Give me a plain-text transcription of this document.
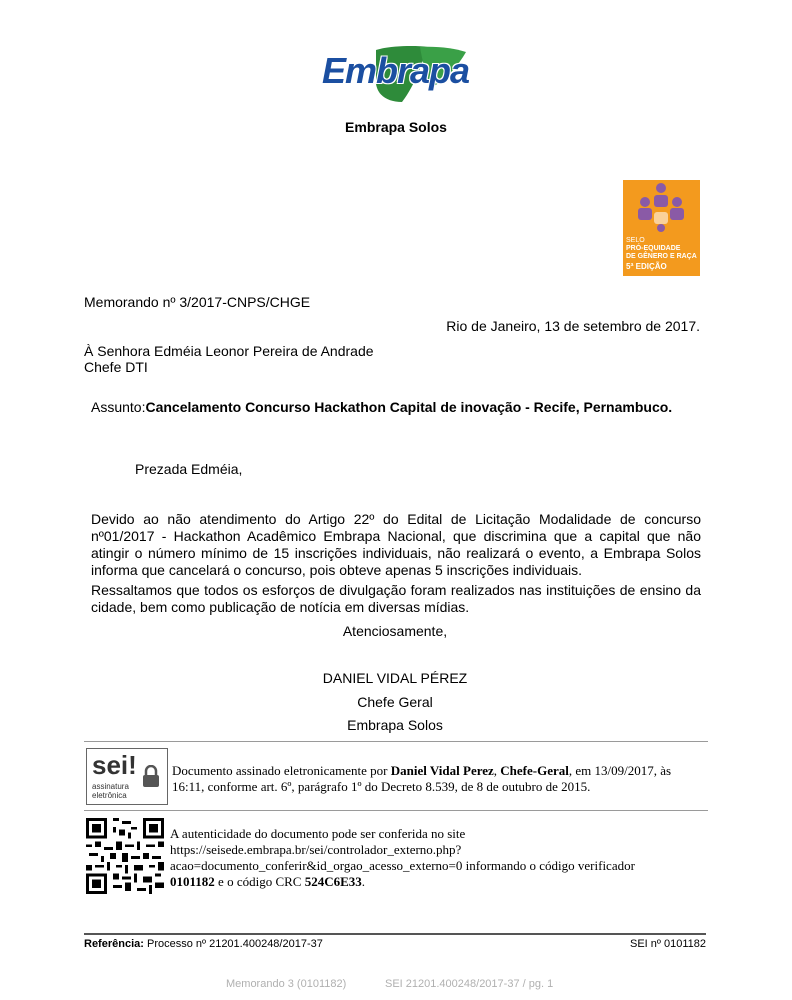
Embrapa
Embrapa Solos
SELO
PRÓ-EQUIDADE
DE GÊNERO E RAÇA
5ª EDIÇÃO
Memorando nº 3/2017-CNPS/CHGE
Rio de Janeiro, 13 de setembro de 2017.
À Senhora Edméia Leonor Pereira de Andrade
Chefe DTI
Assunto:Cancelamento Concurso Hackathon Capital de inovação - Recife, Pernambuco.
Prezada Edméia,
Devido ao não atendimento do Artigo 22º do Edital de Licitação Modalidade de concurso nº01/2017 - Hackathon Acadêmico Embrapa Nacional, que discrimina que a capital que não atingir o número mínimo de 15 inscrições individuais, não realizará o evento, a Embrapa Solos informa que cancelará o concurso, pois obteve apenas 5 inscrições individuais.
Ressaltamos que todos os esforços de divulgação foram realizados nas instituições de ensino da cidade, bem como publicação de notícia em diversas mídias.
Atenciosamente,
DANIEL VIDAL PÉREZ
Chefe Geral
Embrapa Solos
sei!
assinatura
eletrônica
Documento assinado eletronicamente por Daniel Vidal Perez, Chefe-Geral, em 13/09/2017, às 16:11, conforme art. 6º, parágrafo 1º do Decreto 8.539, de 8 de outubro de 2015.
A autenticidade do documento pode ser conferida no site
https://seisede.embrapa.br/sei/controlador_externo.php?
acao=documento_conferir&id_orgao_acesso_externo=0 informando o código verificador
0101182 e o código CRC 524C6E33.
Referência: Processo nº 21201.400248/2017-37	SEI nº 0101182
Memorando 3 (0101182)	SEI 21201.400248/2017-37 / pg. 1
